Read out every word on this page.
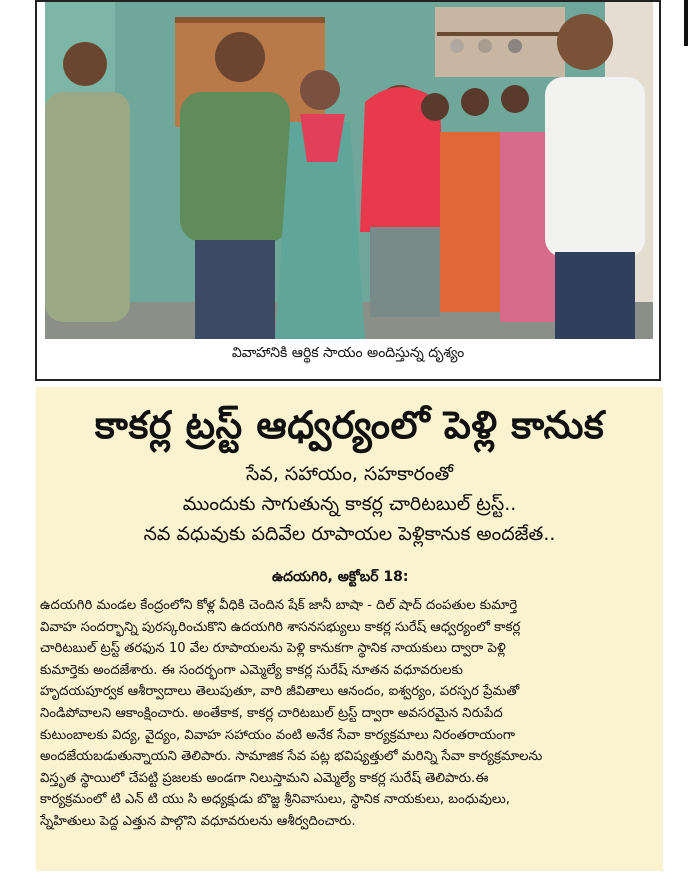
వివాహానికి ఆర్థిక సాయం అందిస్తున్న దృశ్యం
కాకర్ల ట్రస్ట్ ఆధ్వర్యంలో పెళ్లి కానుక
సేవ, సహాయం, సహకారంతో
ముందుకు సాగుతున్న కాకర్ల చారిటబుల్ ట్రస్ట్..
నవ వధువుకు పదివేల రూపాయల పెళ్లికానుక అందజేత..
ఉదయగిరి, అక్టోబర్ 18:
ఉదయగిరి మండల కేంద్రంలోని కోళ్ల వీధికి చెందిన షేక్ జానీ బాషా - దిల్ షాద్ దంపతుల కుమార్తె
వివాహ సందర్భాన్ని పురస్కరించుకొని ఉదయగిరి శాసనసభ్యులు కాకర్ల సురేష్ ఆధ్వర్యంలో కాకర్ల
చారిటబుల్ ట్రస్ట్ తరఫున 10 వేల రూపాయలను పెళ్లి కానుకగా స్థానిక నాయకులు ద్వారా పెళ్లి
కుమార్తెకు అందజేశారు. ఈ సందర్భంగా ఎమ్మెల్యే కాకర్ల సురేష్ నూతన వధూవరులకు
హృదయపూర్వక ఆశీర్వాదాలు తెలుపుతూ, వారి జీవితాలు ఆనందం, ఐశ్వర్యం, పరస్పర ప్రేమతో
నిండిపోవాలని ఆకాంక్షించారు. అంతేకాక, కాకర్ల చారిటబుల్ ట్రస్ట్ ద్వారా అవసరమైన నిరుపేద
కుటుంబాలకు విద్య, వైద్యం, వివాహ సహాయం వంటి అనేక సేవా కార్యక్రమాలు నిరంతరాయంగా
అందజేయబడుతున్నాయని తెలిపారు. సామాజిక సేవ పట్ల భవిష్యత్తులో మరిన్ని సేవా కార్యక్రమాలను
విస్తృత స్థాయిలో చేపట్టి ప్రజలకు అండగా నిలుస్తామని ఎమ్మెల్యే కాకర్ల సురేష్ తెలిపారు.ఈ
కార్యక్రమంలో టి ఎన్ టి యు సి అధ్యక్షుడు బొజ్జ శ్రీనివాసులు, స్థానిక నాయకులు, బంధువులు,
స్నేహితులు పెద్ద ఎత్తున పాల్గొని వధూవరులను ఆశీర్వదించారు.
